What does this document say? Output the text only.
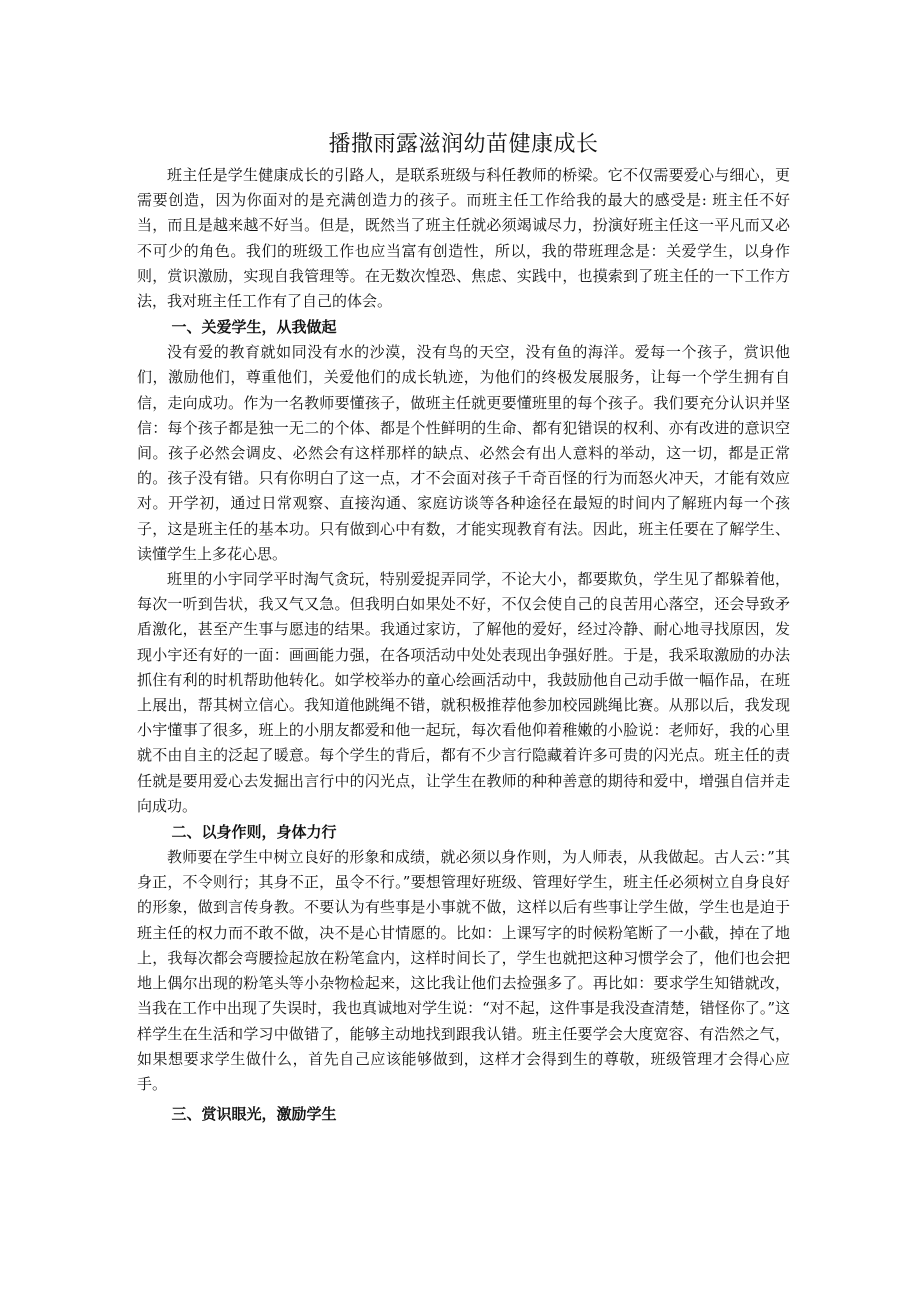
播撒雨露滋润幼苗健康成长

班主任是学生健康成长的引路人，是联系班级与科任教师的桥梁。它不仅需要爱心与细心，更需要创造，因为你面对的是充满创造力的孩子。而班主任工作给我的最大的感受是: 班主任不好当，而且是越来越不好当。但是，既然当了班主任就必须竭诚尽力，扮演好班主任这一平凡而又必不可少的角色。我们的班级工作也应当富有创造性，所以，我的带班理念是：关爱学生，以身作则，赏识激励，实现自我管理等。在无数次惶恐、焦虑、实践中，也摸索到了班主任的一下工作方法，我对班主任工作有了自己的体会。

一、关爱学生，从我做起

没有爱的教育就如同没有水的沙漠，没有鸟的天空，没有鱼的海洋。爱每一个孩子，赏识他们，激励他们，尊重他们，关爱他们的成长轨迹，为他们的终极发展服务，让每一个学生拥有自信，走向成功。作为一名教师要懂孩子，做班主任就更要懂班里的每个孩子。我们要充分认识并坚信：每个孩子都是独一无二的个体、都是个性鲜明的生命、都有犯错误的权利、亦有改进的意识空间。孩子必然会调皮、必然会有这样那样的缺点、必然会有出人意料的举动，这一切，都是正常的。孩子没有错。只有你明白了这一点，才不会面对孩子千奇百怪的行为而怒火冲天，才能有效应对。开学初，通过日常观察、直接沟通、家庭访谈等各种途径在最短的时间内了解班内每一个孩子，这是班主任的基本功。只有做到心中有数，才能实现教育有法。因此，班主任要在了解学生、读懂学生上多花心思。

班里的小宇同学平时淘气贪玩，特别爱捉弄同学，不论大小，都要欺负，学生见了都躲着他，每次一听到告状，我又气又急。但我明白如果处不好，不仅会使自己的良苦用心落空，还会导致矛盾激化，甚至产生事与愿违的结果。我通过家访，了解他的爱好，经过冷静、耐心地寻找原因，发现小宇还有好的一面：画画能力强，在各项活动中处处表现出争强好胜。于是，我采取激励的办法抓住有利的时机帮助他转化。如学校举办的童心绘画活动中，我鼓励他自己动手做一幅作品，在班上展出，帮其树立信心。我知道他跳绳不错，就积极推荐他参加校园跳绳比赛。从那以后，我发现小宇懂事了很多，班上的小朋友都爱和他一起玩，每次看他仰着稚嫩的小脸说：老师好，我的心里就不由自主的泛起了暖意。每个学生的背后，都有不少言行隐藏着许多可贵的闪光点。班主任的责任就是要用爱心去发掘出言行中的闪光点，让学生在教师的种种善意的期待和爱中，增强自信并走向成功。

二、以身作则，身体力行

教师要在学生中树立良好的形象和成绩，就必须以身作则，为人师表，从我做起。古人云：”其身正，不令则行；其身不正，虽令不行。”要想管理好班级、管理好学生，班主任必须树立自身良好的形象，做到言传身教。不要认为有些事是小事就不做，这样以后有些事让学生做，学生也是迫于班主任的权力而不敢不做，决不是心甘情愿的。比如：上课写字的时候粉笔断了一小截，掉在了地上，我每次都会弯腰捡起放在粉笔盒内，这样时间长了，学生也就把这种习惯学会了，他们也会把地上偶尔出现的粉笔头等小杂物检起来，这比我让他们去捡强多了。再比如：要求学生知错就改，当我在工作中出现了失误时，我也真诚地对学生说：“对不起，这件事是我没查清楚，错怪你了。”这样学生在生活和学习中做错了，能够主动地找到跟我认错。班主任要学会大度宽容、有浩然之气，如果想要求学生做什么，首先自己应该能够做到，这样才会得到生的尊敬，班级管理才会得心应手。

三、赏识眼光，激励学生
